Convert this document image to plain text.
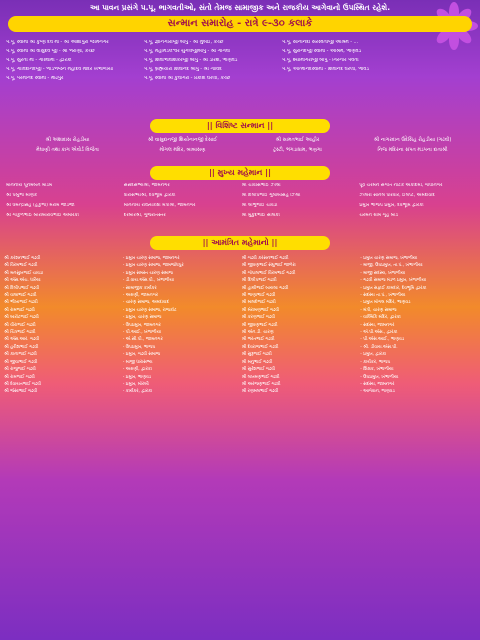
આ પાવન પ્રસંગે પ.પૂ. ભાગવતીઓ, સંતો તેમજ સામાજીક અને રાજકીય આગેવાનો ઉપસ્થિત રહેશે.
સન્માન સમારોહ - રાત્રે ૯-૩૦ કલાકે
પ.પૂ. સ્વામી શ્રી કૃષ્ણ દેવ મા - શ્રી આશાપુરા જામનગર	પ.પૂ. જ્ઞાનગીરીજી બાપુ - શ્રી મુંબઈ, કચ્છ	પ.પૂ. સોનાનંદી સરસ્વતીજી આશ્રમ - ...
પ.પૂ. સ્વામી શ્રી વાસુદેવ જી - શ્રી ભરાણા, કચ્છ	પ.પૂ. મહામંડલેશ્વર યુગલજીબાપુ - શ્રી ગાગવા	પ.પૂ. સુરાનંદજી સ્વામી - આશ્રમ, ભાણવડ
પ.પૂ. સુરતી મા - ગૌસ્વામી - દ્વારકા	પ.પૂ. શિવાભાવાશંકરજી બાપુ - શ્રી ડોરેશ, ભાણવડ	પ.પૂ. શ્યામગિરીજી બાપુ - ગિરનાર પર્વતી
પ.પૂ. ગોવિંદાનંદજી - ભીડભંજન મહાદેવ મંદિર ખંભાળીયા	પ.પૂ. બ્રહ્મચારી શિવાનંદ બાપુ - શ્રી ગોવિંદ	પ.પૂ. આત્માનંદસ્વામી - શિવાનંદ ઘરેલી, ભાવડ
પ.પૂ. પરમાનંદ સ્વામી - મોઢપુર	પ.પૂ. સ્વામી શ્રી કુંવાગરા - પ્રકાશ ઘરેલી, કચ્છ
|| વિશિષ્ટ સન્માન ||
શ્રી અંશાદાસ રોહડીયા	શ્રી વાસુદાનજી શિયોનાનજી દેસાઈ	શ્રી સામતભાઈ આહીર	શ્રી નાગરદાન ઉદેસિંહ રોહડીયા (ગઢવી)
મેઘાણી તથા કાગ એવોર્ડ વિજેતા	મોગલ મંદિર, બાબાસણ	ટ્રસ્ટી, ભંગડાધામ, ભણગા	નિજ મંદિરના સંપત મંડપના દાતાશ્રી
|| મુખ્ય મહેમાન ||
માનનીય પૂનમબેન માડમ	સંસદસભ્યશ્રી, જામનગર	શ્રી ચોવીસભાઈ ઝોલા	પૂર્વ ચેરમેન સંગીત નાટક અકાદમી, ગાંધીનગર
શ્રી પબુભા માણેક	ધારાસભ્યશ્રી, દેવભૂમિ દ્વારકા	શ્રી દિલીપભાઈ ગુલાબસિંહ ઝિલા	ઝાલેરા સોનલ પરિવાર, ઈલપ્ટ, અમદાવાદ
શ્રી ધર્મેન્દ્રસિંહ (હકુભા) મેરામ જાડેજા	માનનીય રાજ્યકક્ષા મંત્રીશ્રી, જામનગર	શ્રી લાભુભાઈ ચાવડા	પ્રમુખ ભાજપ પ્રમુખ, દેવભૂમિ દ્વારકા
શ્રી ગોકુળભાઈ બારાબારાવભાઈ અમેરિકા	દરબારશ્રી, ગુજરાતસ્તર	શ્રી મુકુંદભાઈ સોલંકી	ચેરમેન ગ્રામ ગૃહ બોર્ડ
|| આમંત્રિત મહેમાનો ||
શ્રી કરશનભાઈ ગઢવી	- પ્રમુખ ચારણ સમાજ, જામનગર	શ્રી ગઢવી કરસનભાઈ ગઢવી	- પ્રમુખ ચારણ સમાજ, ખંભાળીયા
શ્રી વિરમભાઈ ગઢવી	- પ્રમુખ ચારણ સમાજ, જામજોધપુર	શ્રી જીવણભાઈ સંઘુભાઈ જાળેરા	- માજી, ઉપપ્રમુખ, તા.પં., ખંભાળીયા
શ્રી મનસુખભાઈ ચાવડા	- પ્રમુખ સમસ્ત ચારણ સમાજ	શ્રી ગોપાલભાઈ વિરમભાઈ ગઢવી	- માજી સદસ્ય, ખંભાળીયા
શ્રી એસ.એચ. ધારૈયા	- ડી.વાય.એસ.પી., ખંભાળીયા	શ્રી દિલીપભાઈ ગઢવી	- ગઢવી સમાજ મંડળ પ્રમુખ, ખંભાળીયા
શ્રી દિલીપભાઈ ગઢવી	- સામાજીક કાર્યકર	શ્રી હાથીભાઈ બાયલા ગઢવી	- પ્રમુખ સફાઈ કામદાર, દેવભૂમિ દ્વારકા
શ્રી વાલાભાઈ ગઢવી	- અગ્રણી, જામનગર	શ્રી ભાણાભાઈ ગઢવી	- સદસ્ય તા.પં., ખંભાળીયા
શ્રી ભીખાભાઈ ગઢવી	- ચારણ સમાજ, અમદાવાદ	શ્રી માલદેભાઈ ગઢવી	- પ્રમુખ મોગલ મંદિર, ભાણવડ
શ્રી રામભાઈ ગઢવી	- પ્રમુખ ચારણ સમાજ, રાજકોટ	શ્રી મેરામણભાઈ ગઢવી	- મંત્રી, ચારણ સમાજ
શ્રી બારોટભાઈ ગઢવી	- પ્રમુખ, ચારણ સમાજ	શ્રી કરણભાઈ ગઢવી	- વાલ્મિકિ મંદિર, દ્વારકા
શ્રી વીરાભાઈ ગઢવી	- ઉપપ્રમુખ, જામનગર	શ્રી જીવણભાઈ ગઢવી	- સદસ્ય, જામનગર
શ્રી ચિત્રભાઈ ગઢવી	- પી.આઈ., ખંભાળીયા	શ્રી એન.ડી. ચારણ	- એ.પી.એસ., દ્વારકા
શ્રી એસ.આર. ગઢવી	- એ.સી.પી., જામનગર	શ્રી ભરતભાઈ ગઢવી	- પી.એસ.આઈ., ભાણવડ
શ્રી હરીશભાઈ ગઢવી	- ઉપપ્રમુખ, ભાજપ	શ્રી દેવરાજભાઈ ગઢવી	- શ્રી. ડીવાય.એસ.પી.
શ્રી કાનાભાઈ ગઢવી	- પ્રમુખ, ગઢવી સમાજ	શ્રી સુરૂભાઈ ગઢવી	- પ્રમુખ, દ્વારકા
શ્રી જીવાભાઈ ગઢવી	- માજી ધારાસભ્ય	શ્રી મનુભાઈ ગઢવી	- કાર્યકર, ભાજપ
શ્રી રાજુભાઈ ગઢવી	- અગ્રણી, દ્વારકા	શ્રી સુરેશભાઈ ગઢવી	- શિક્ષક, ખંભાળીયા
શ્રી રામભાઈ ગઢવી	- પ્રમુખ, ભાણવડ	શ્રી લખમણભાઈ ગઢવી	- ઉપપ્રમુખ, ખંભાળીયા
શ્રી દેવાયતભાઈ ગઢવી	- પ્રમુખ, મોરબી	શ્રી અરજણભાઈ ગઢવી	- સદસ્ય, જામનગર
શ્રી જેસાભાઈ ગઢવી	- કાર્યકર, દ્વારકા	શ્રી રણમલભાઈ ગઢવી	- આગેવાન, ભાણવડ
